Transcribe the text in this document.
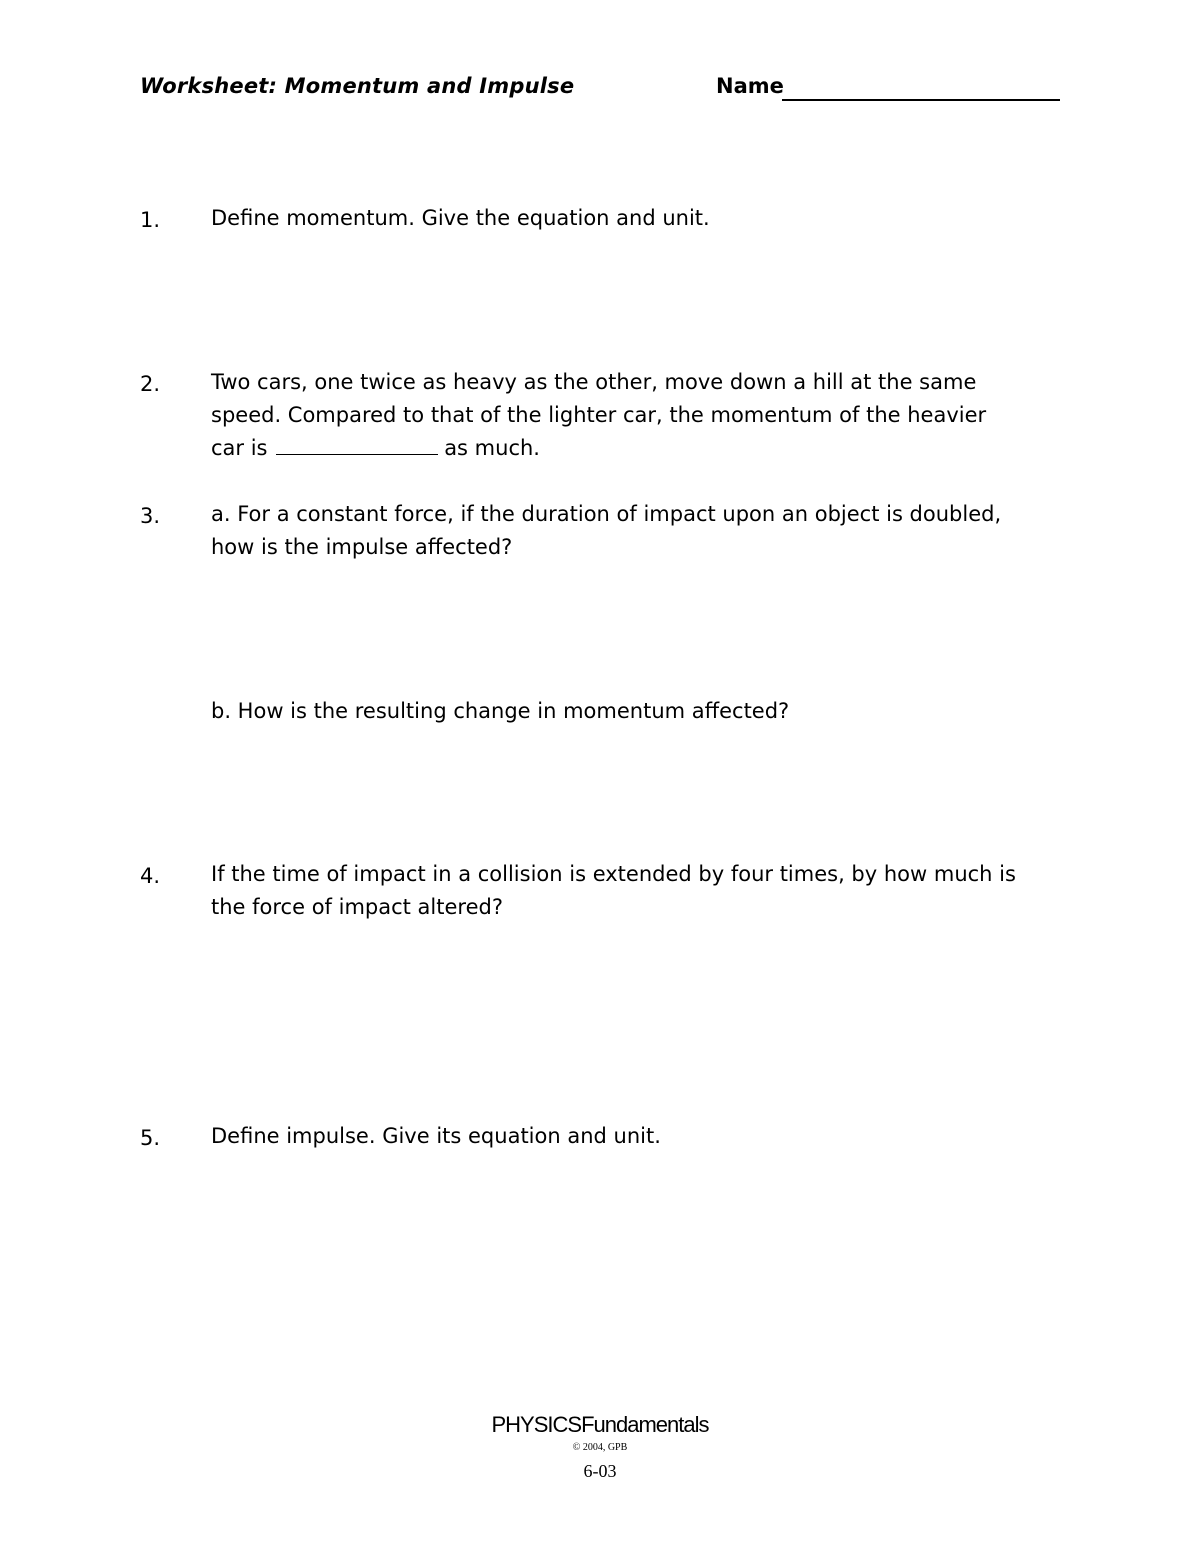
Worksheet: Momentum and Impulse	Name
1. Define momentum. Give the equation and unit.
2. Two cars, one twice as heavy as the other, move down a hill at the same
speed. Compared to that of the lighter car, the momentum of the heavier
car is	as much.
3. a. For a constant force, if the duration of impact upon an object is doubled,
how is the impulse affected?
b. How is the resulting change in momentum affected?
4. If the time of impact in a collision is extended by four times, by how much is
the force of impact altered?
5. Define impulse. Give its equation and unit.
PHYSICSFundamentals
© 2004, GPB
6-03
